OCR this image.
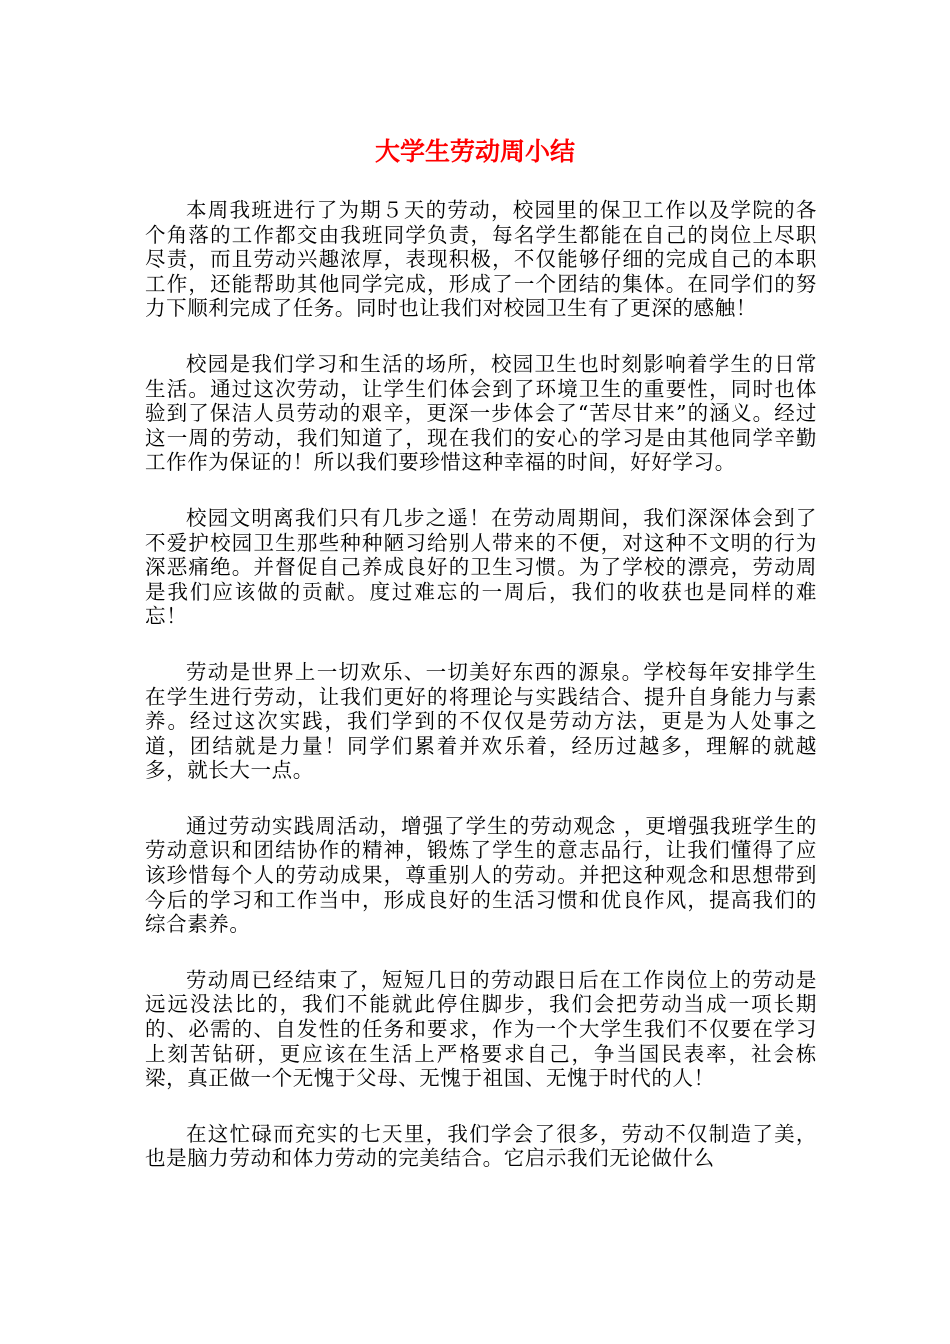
大学生劳动周小结

本周我班进行了为期５天的劳动，校园里的保卫工作以及学院的各个角落的工作都交由我班同学负责，每名学生都能在自己的岗位上尽职尽责，而且劳动兴趣浓厚，表现积极，不仅能够仔细的完成自己的本职工作，还能帮助其他同学完成，形成了一个团结的集体。在同学们的努力下顺利完成了任务。同时也让我们对校园卫生有了更深的感触！

校园是我们学习和生活的场所，校园卫生也时刻影响着学生的日常生活。通过这次劳动，让学生们体会到了环境卫生的重要性，同时也体验到了保洁人员劳动的艰辛，更深一步体会了“苦尽甘来”的涵义。经过这一周的劳动，我们知道了，现在我们的安心的学习是由其他同学辛勤工作作为保证的！所以我们要珍惜这种幸福的时间，好好学习。

校园文明离我们只有几步之遥！在劳动周期间，我们深深体会到了不爱护校园卫生那些种种陋习给别人带来的不便，对这种不文明的行为深恶痛绝。并督促自己养成良好的卫生习惯。为了学校的漂亮，劳动周是我们应该做的贡献。度过难忘的一周后，我们的收获也是同样的难忘！

劳动是世界上一切欢乐、一切美好东西的源泉。学校每年安排学生在学生进行劳动，让我们更好的将理论与实践结合、提升自身能力与素养。经过这次实践，我们学到的不仅仅是劳动方法，更是为人处事之道，团结就是力量！同学们累着并欢乐着，经历过越多，理解的就越多，就长大一点。

通过劳动实践周活动，增强了学生的劳动观念 ，更增强我班学生的劳动意识和团结协作的精神，锻炼了学生的意志品行，让我们懂得了应该珍惜每个人的劳动成果，尊重别人的劳动。并把这种观念和思想带到今后的学习和工作当中，形成良好的生活习惯和优良作风，提高我们的综合素养。

劳动周已经结束了，短短几日的劳动跟日后在工作岗位上的劳动是远远没法比的，我们不能就此停住脚步，我们会把劳动当成一项长期的、必需的、自发性的任务和要求，作为一个大学生我们不仅要在学习上刻苦钻研，更应该在生活上严格要求自己，争当国民表率，社会栋梁，真正做一个无愧于父母、无愧于祖国、无愧于时代的人！

在这忙碌而充实的七天里，我们学会了很多，劳动不仅制造了美，也是脑力劳动和体力劳动的完美结合。它启示我们无论做什么
